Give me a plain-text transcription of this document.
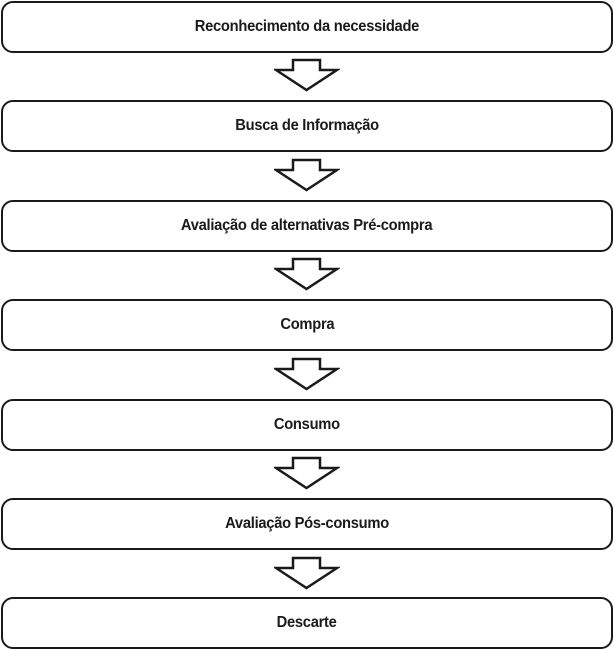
Reconhecimento da necessidade
Busca de Informação
Avaliação de alternativas Pré-compra
Compra
Consumo
Avaliação Pós-consumo
Descarte
